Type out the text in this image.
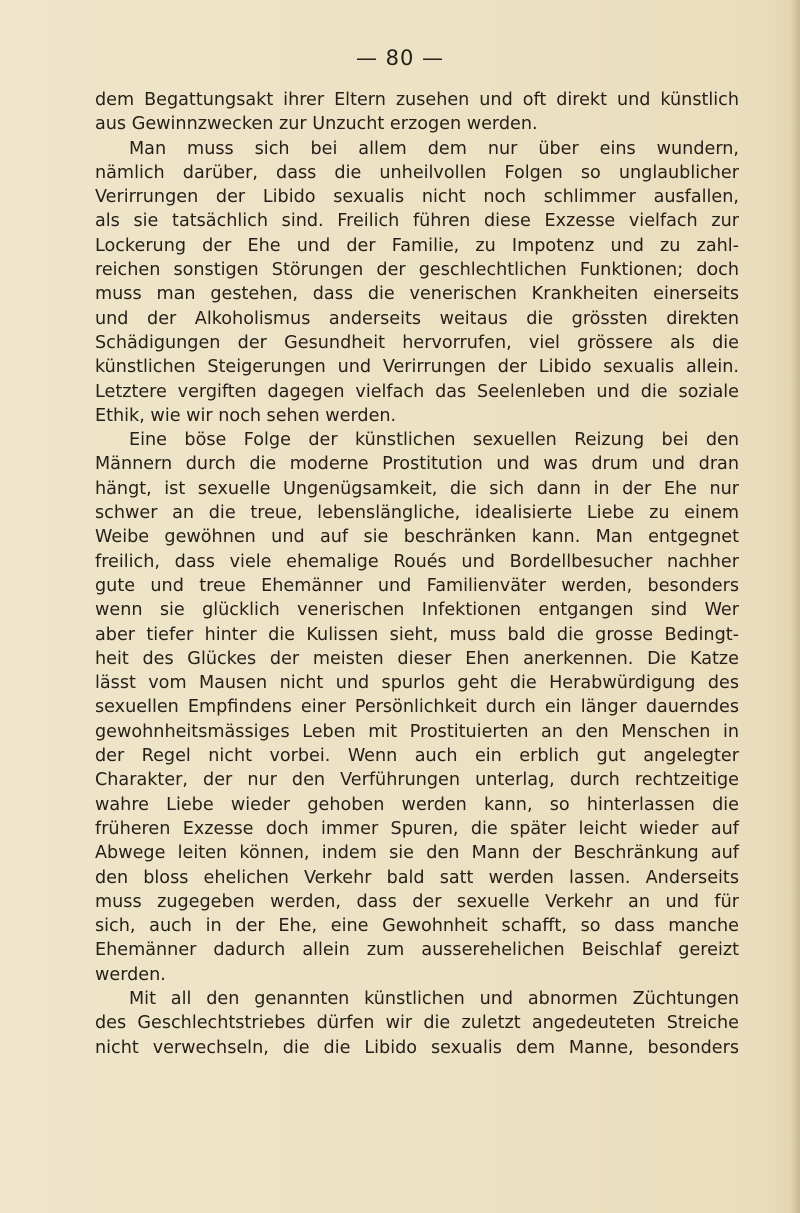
— 80 —
dem Begattungsakt ihrer Eltern zusehen und oft direkt und künstlich
aus Gewinnzwecken zur Unzucht erzogen werden.
Man muss sich bei allem dem nur über eins wundern,
nämlich darüber, dass die unheilvollen Folgen so unglaublicher
Verirrungen der Libido sexualis nicht noch schlimmer ausfallen,
als sie tatsächlich sind. Freilich führen diese Exzesse vielfach zur
Lockerung der Ehe und der Familie, zu Impotenz und zu zahl-
reichen sonstigen Störungen der geschlechtlichen Funktionen; doch
muss man gestehen, dass die venerischen Krankheiten einerseits
und der Alkoholismus anderseits weitaus die grössten direkten
Schädigungen der Gesundheit hervorrufen, viel grössere als die
künstlichen Steigerungen und Verirrungen der Libido sexualis allein.
Letztere vergiften dagegen vielfach das Seelenleben und die soziale
Ethik, wie wir noch sehen werden.
Eine böse Folge der künstlichen sexuellen Reizung bei den
Männern durch die moderne Prostitution und was drum und dran
hängt, ist sexuelle Ungenügsamkeit, die sich dann in der Ehe nur
schwer an die treue, lebenslängliche, idealisierte Liebe zu einem
Weibe gewöhnen und auf sie beschränken kann. Man entgegnet
freilich, dass viele ehemalige Roués und Bordellbesucher nachher
gute und treue Ehemänner und Familienväter werden, besonders
wenn sie glücklich venerischen Infektionen entgangen sind Wer
aber tiefer hinter die Kulissen sieht, muss bald die grosse Bedingt-
heit des Glückes der meisten dieser Ehen anerkennen. Die Katze
lässt vom Mausen nicht und spurlos geht die Herabwürdigung des
sexuellen Empfindens einer Persönlichkeit durch ein länger dauerndes
gewohnheitsmässiges Leben mit Prostituierten an den Menschen in
der Regel nicht vorbei. Wenn auch ein erblich gut angelegter
Charakter, der nur den Verführungen unterlag, durch rechtzeitige
wahre Liebe wieder gehoben werden kann, so hinterlassen die
früheren Exzesse doch immer Spuren, die später leicht wieder auf
Abwege leiten können, indem sie den Mann der Beschränkung auf
den bloss ehelichen Verkehr bald satt werden lassen. Anderseits
muss zugegeben werden, dass der sexuelle Verkehr an und für
sich, auch in der Ehe, eine Gewohnheit schafft, so dass manche
Ehemänner dadurch allein zum ausserehelichen Beischlaf gereizt
werden.
Mit all den genannten künstlichen und abnormen Züchtungen
des Geschlechtstriebes dürfen wir die zuletzt angedeuteten Streiche
nicht verwechseln, die die Libido sexualis dem Manne, besonders
